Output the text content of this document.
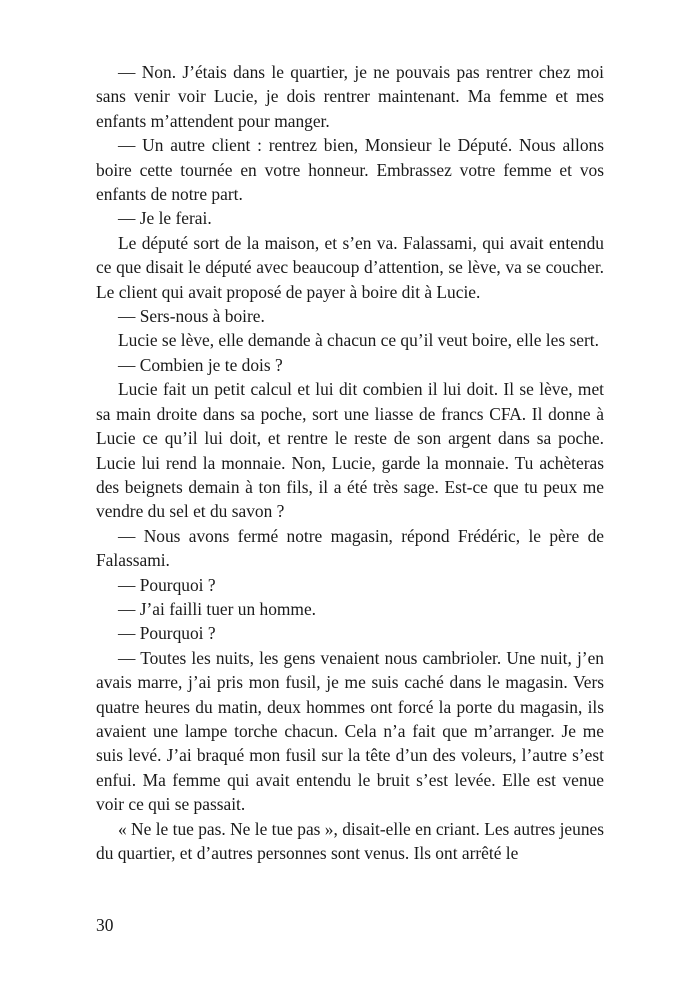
— Non. J’étais dans le quartier, je ne pouvais pas rentrer chez moi sans venir voir Lucie, je dois rentrer maintenant. Ma femme et mes enfants m’attendent pour manger.

— Un autre client : rentrez bien, Monsieur le Député. Nous allons boire cette tournée en votre honneur. Embrassez votre femme et vos enfants de notre part.

— Je le ferai.

Le député sort de la maison, et s’en va. Falassami, qui avait entendu ce que disait le député avec beaucoup d’attention, se lève, va se coucher. Le client qui avait proposé de payer à boire dit à Lucie.

— Sers-nous à boire.

Lucie se lève, elle demande à chacun ce qu’il veut boire, elle les sert.

— Combien je te dois ?

Lucie fait un petit calcul et lui dit combien il lui doit. Il se lève, met sa main droite dans sa poche, sort une liasse de francs CFA. Il donne à Lucie ce qu’il lui doit, et rentre le reste de son argent dans sa poche. Lucie lui rend la monnaie. Non, Lucie, garde la monnaie. Tu achèteras des beignets demain à ton fils, il a été très sage. Est-ce que tu peux me vendre du sel et du savon ?

— Nous avons fermé notre magasin, répond Frédéric, le père de Falassami.

— Pourquoi ?

— J’ai failli tuer un homme.

— Pourquoi ?

— Toutes les nuits, les gens venaient nous cambrioler. Une nuit, j’en avais marre, j’ai pris mon fusil, je me suis caché dans le magasin. Vers quatre heures du matin, deux hommes ont forcé la porte du magasin, ils avaient une lampe torche chacun. Cela n’a fait que m’arranger. Je me suis levé. J’ai braqué mon fusil sur la tête d’un des voleurs, l’autre s’est enfui. Ma femme qui avait entendu le bruit s’est levée. Elle est venue voir ce qui se passait.

« Ne le tue pas. Ne le tue pas », disait-elle en criant. Les autres jeunes du quartier, et d’autres personnes sont venus. Ils ont arrêté le

30
